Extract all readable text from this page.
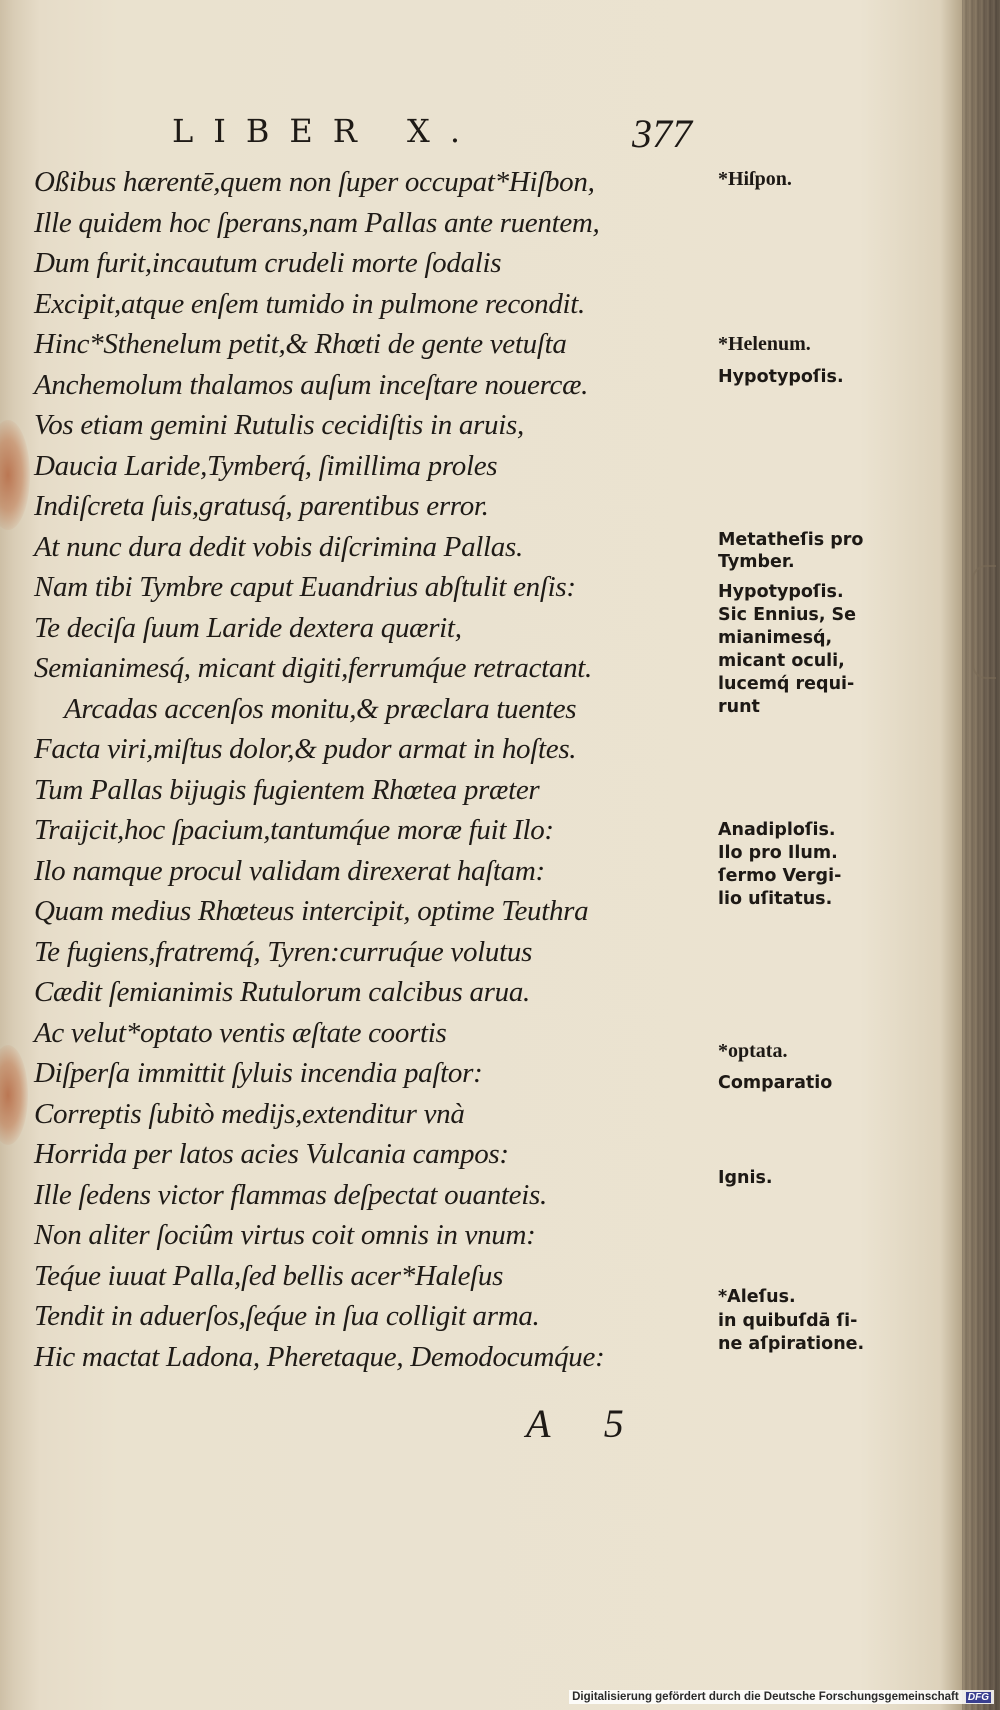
LIBER X.	377
Oßibus hærentē,quem non ſuper occupat*Hiſbon,
Ille quidem hoc ſperans,nam Pallas ante ruentem,
Dum furit,incautum crudeli morte ſodalis
Excipit,atque enſem tumido in pulmone recondit.
Hinc*Sthenelum petit,& Rhœti de gente vetuſta
Anchemolum thalamos auſum inceſtare nouercæ.
Vos etiam gemini Rutulis cecidiſtis in aruis,
Daucia Laride,Tymberq́, ſimillima proles
Indiſcreta ſuis,gratusq́, parentibus error.
At nunc dura dedit vobis diſcrimina Pallas.
Nam tibi Tymbre caput Euandrius abſtulit enſis:
Te deciſa ſuum Laride dextera quærit,
Semianimesq́, micant digiti,ferrumq́ue retractant.
Arcadas accenſos monitu,& præclara tuentes
Facta viri,miſtus dolor,& pudor armat in hoſtes.
Tum Pallas bijugis fugientem Rhœtea præter
Traijcit,hoc ſpacium,tantumq́ue moræ fuit Ilo:
Ilo namque procul validam direxerat haſtam:
Quam medius Rhœteus intercipit, optime Teuthra
Te fugiens,fratremq́, Tyren:curruq́ue volutus
Cædit ſemianimis Rutulorum calcibus arua.
Ac velut*optato ventis æſtate coortis
Diſperſa immittit ſyluis incendia paſtor:
Correptis ſubitò medijs,extenditur vnà
Horrida per latos acies Vulcania campos:
Ille ſedens victor flammas deſpectat ouanteis.
Non aliter ſociûm virtus coit omnis in vnum:
Teq́ue iuuat Palla,ſed bellis acer*Haleſus
Tendit in aduerſos,ſeq́ue in ſua colligit arma.
Hic mactat Ladona, Pheretaque, Demodocumq́ue:
*Hiſpon.
*Helenum.
Hypotypoſis.
Metatheſis pro
Tymber.
Hypotypoſis.
Sic Ennius, Se
mianimesq́,
micant oculi,
lucemq́ requi-
runt
Anadiploſis.
Ilo pro Ilum.
ſermo Vergi-
lio uſitatus.
*optata.
Comparatio
Ignis.
*Aleſus.
in quibuſdā ſi-
ne aſpiratione.
A 5
Digitalisierung gefördert durch die Deutsche Forschungsgemeinschaft DFG
